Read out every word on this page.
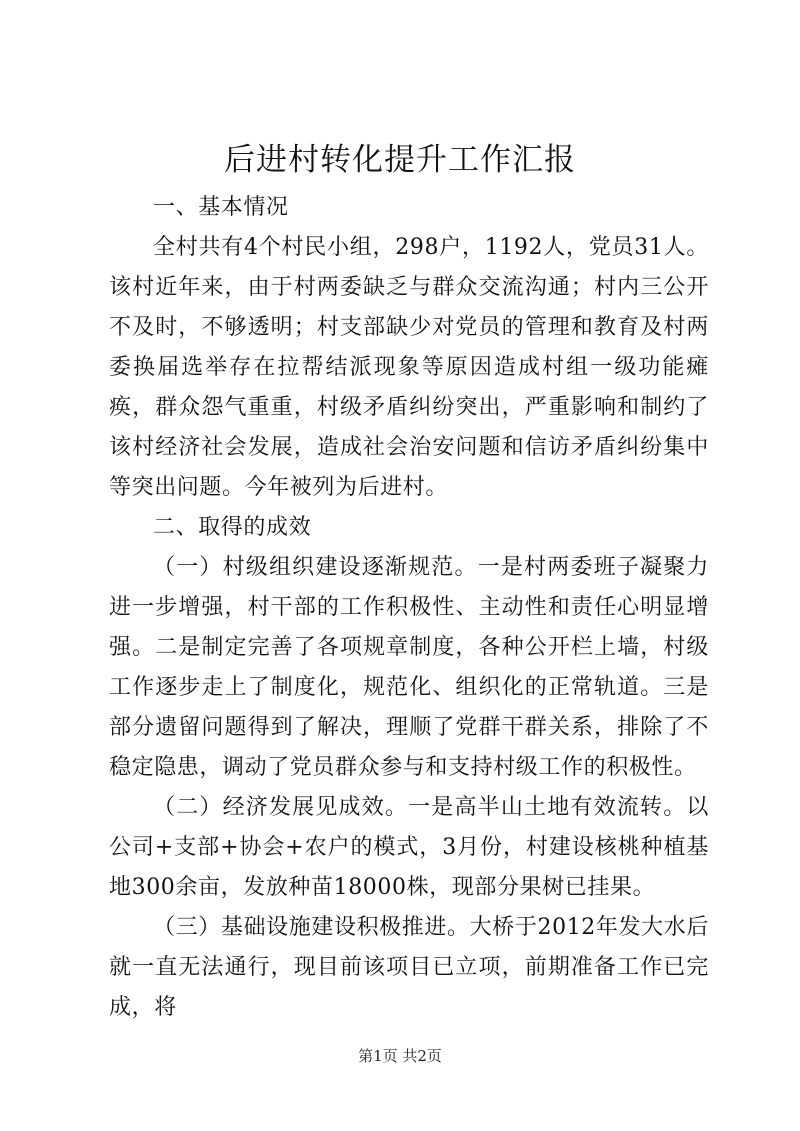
后进村转化提升工作汇报

一、基本情况

全村共有4个村民小组，298户，1192人，党员31人。该村近年来，由于村两委缺乏与群众交流沟通；村内三公开不及时，不够透明；村支部缺少对党员的管理和教育及村两委换届选举存在拉帮结派现象等原因造成村组一级功能瘫痪，群众怨气重重，村级矛盾纠纷突出，严重影响和制约了该村经济社会发展，造成社会治安问题和信访矛盾纠纷集中等突出问题。今年被列为后进村。

二、取得的成效

（一）村级组织建设逐渐规范。一是村两委班子凝聚力进一步增强，村干部的工作积极性、主动性和责任心明显增强。二是制定完善了各项规章制度，各种公开栏上墙，村级工作逐步走上了制度化，规范化、组织化的正常轨道。三是部分遗留问题得到了解决，理顺了党群干群关系，排除了不稳定隐患，调动了党员群众参与和支持村级工作的积极性。

（二）经济发展见成效。一是高半山土地有效流转。以公司+支部+协会+农户的模式，3月份，村建设核桃种植基地300余亩，发放种苗18000株，现部分果树已挂果。

（三）基础设施建设积极推进。大桥于2012年发大水后就一直无法通行，现目前该项目已立项，前期准备工作已完成，将

第1页 共2页
